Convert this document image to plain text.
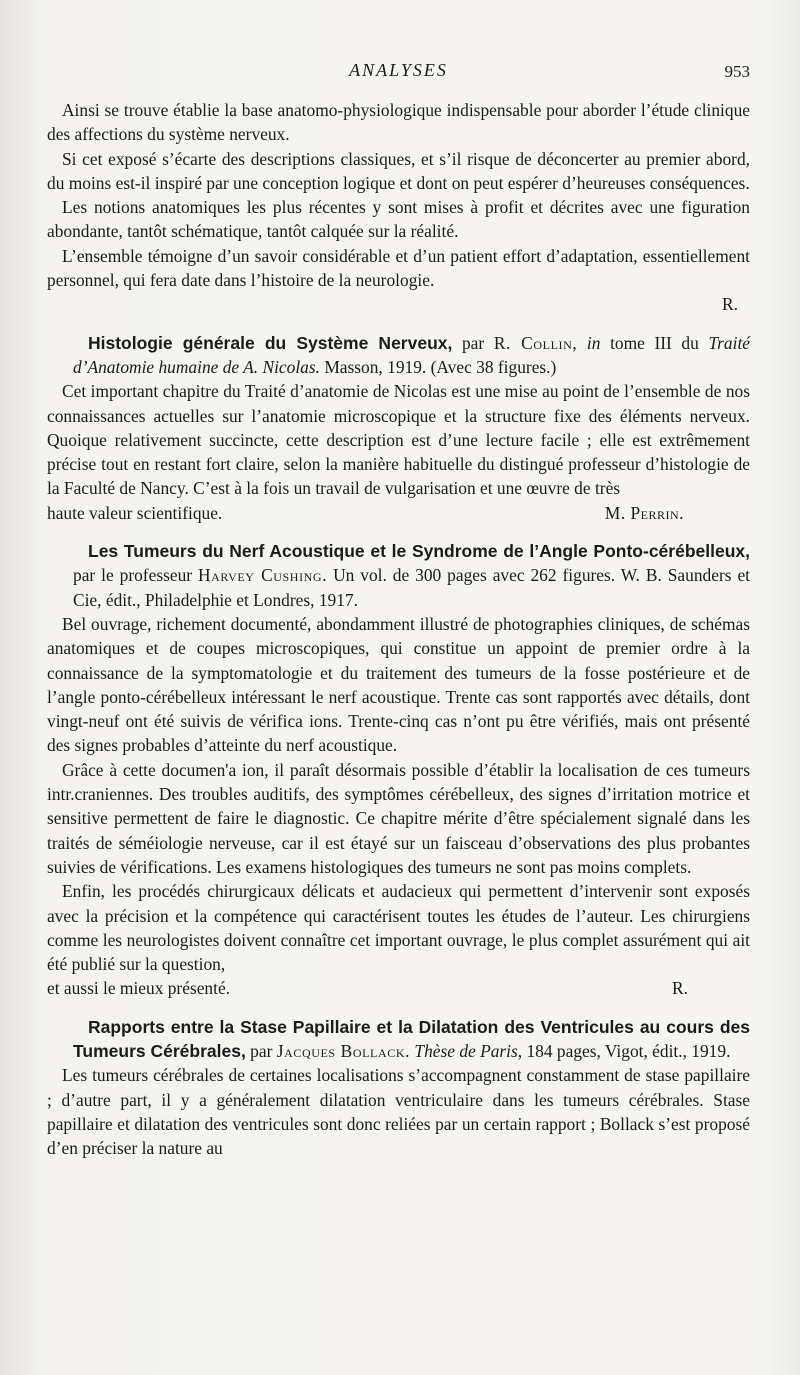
ANALYSES	953

Ainsi se trouve établie la base anatomo-physiologique indispensable pour aborder l’étude clinique des affections du système nerveux.

Si cet exposé s’écarte des descriptions classiques, et s’il risque de déconcerter au premier abord, du moins est-il inspiré par une conception logique et dont on peut espérer d’heureuses conséquences.

Les notions anatomiques les plus récentes y sont mises à profit et décrites avec une figuration abondante, tantôt schématique, tantôt calquée sur la réalité.

L’ensemble témoigne d’un savoir considérable et d’un patient effort d’adaptation, essentiellement personnel, qui fera date dans l’histoire de la neurologie.

R.

Histologie générale du Système Nerveux, par R. Collin, in tome III du Traité d’Anatomie humaine de A. Nicolas. Masson, 1919. (Avec 38 figures.)

Cet important chapitre du Traité d’anatomie de Nicolas est une mise au point de l’ensemble de nos connaissances actuelles sur l’anatomie microscopique et la structure fixe des éléments nerveux. Quoique relativement succincte, cette description est d’une lecture facile ; elle est extrêmement précise tout en restant fort claire, selon la manière habituelle du distingué professeur d’histologie de la Faculté de Nancy. C’est à la fois un travail de vulgarisation et une œuvre de très

haute valeur scientifique.	M. Perrin.

Les Tumeurs du Nerf Acoustique et le Syndrome de l’Angle Ponto-cérébelleux, par le professeur Harvey Cushing. Un vol. de 300 pages avec 262 figures. W. B. Saunders et Cie, édit., Philadelphie et Londres, 1917.

Bel ouvrage, richement documenté, abondamment illustré de photographies cliniques, de schémas anatomiques et de coupes microscopiques, qui constitue un appoint de premier ordre à la connaissance de la symptomatologie et du traitement des tumeurs de la fosse postérieure et de l’angle ponto-cérébelleux intéressant le nerf acoustique. Trente cas sont rapportés avec détails, dont vingt-neuf ont été suivis de vérifica ions. Trente-cinq cas n’ont pu être vérifiés, mais ont présenté des signes probables d’atteinte du nerf acoustique.

Grâce à cette documen'a ion, il paraît désormais possible d’établir la localisation de ces tumeurs intr.craniennes. Des troubles auditifs, des symptômes cérébelleux, des signes d’irritation motrice et sensitive permettent de faire le diagnostic. Ce chapitre mérite d’être spécialement signalé dans les traités de séméiologie nerveuse, car il est étayé sur un faisceau d’observations des plus probantes suivies de vérifications. Les examens histologiques des tumeurs ne sont pas moins complets.

Enfin, les procédés chirurgicaux délicats et audacieux qui permettent d’intervenir sont exposés avec la précision et la compétence qui caractérisent toutes les études de l’auteur. Les chirurgiens comme les neurologistes doivent connaître cet important ouvrage, le plus complet assurément qui ait été publié sur la question,

et aussi le mieux présenté.	R.

Rapports entre la Stase Papillaire et la Dilatation des Ventricules au cours des Tumeurs Cérébrales, par Jacques Bollack. Thèse de Paris, 184 pages, Vigot, édit., 1919.

Les tumeurs cérébrales de certaines localisations s’accompagnent constamment de stase papillaire ; d’autre part, il y a généralement dilatation ventriculaire dans les tumeurs cérébrales. Stase papillaire et dilatation des ventricules sont donc reliées par un certain rapport ; Bollack s’est proposé d’en préciser la nature au
